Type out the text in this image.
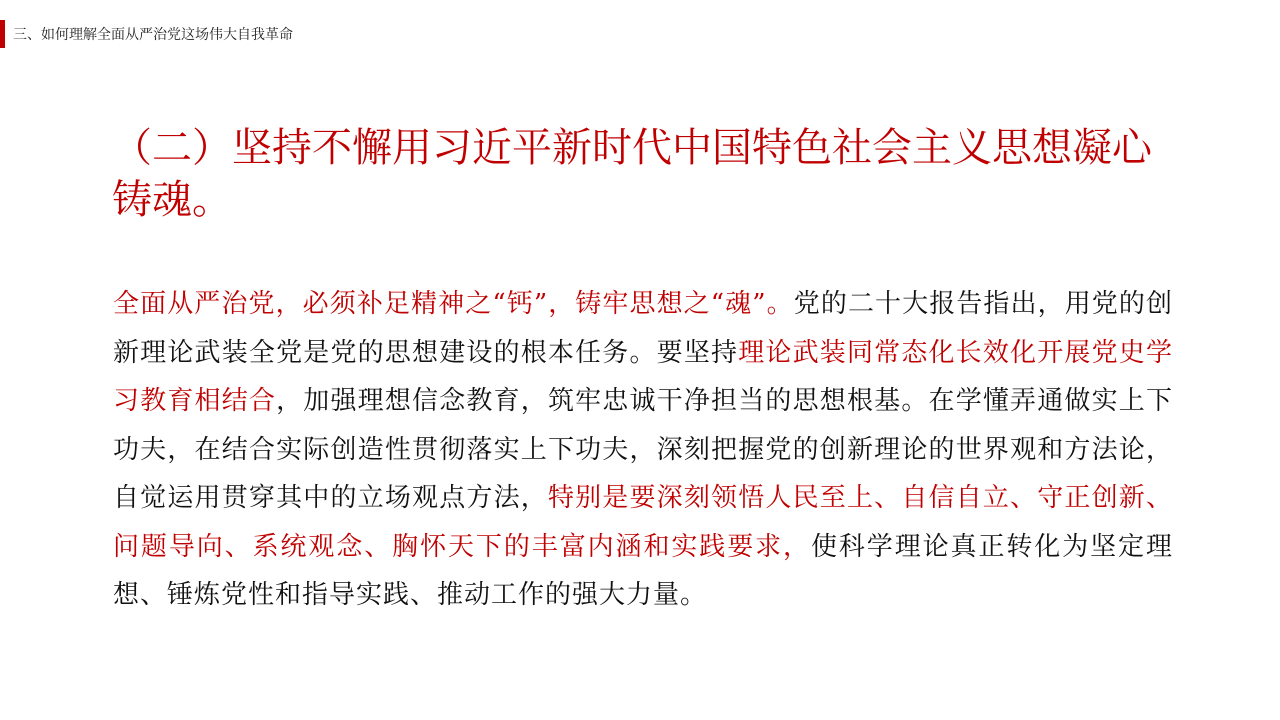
三、如何理解全面从严治党这场伟大自我革命
（二）坚持不懈用习近平新时代中国特色社会主义思想凝心铸魂。
全面从严治党，必须补足精神之“钙”，铸牢思想之“魂”。党的二十大报告指出，用党的创新理论武装全党是党的思想建设的根本任务。要坚持理论武装同常态化长效化开展党史学习教育相结合，加强理想信念教育，筑牢忠诚干净担当的思想根基。在学懂弄通做实上下功夫，在结合实际创造性贯彻落实上下功夫，深刻把握党的创新理论的世界观和方法论，自觉运用贯穿其中的立场观点方法，特别是要深刻领悟人民至上、自信自立、守正创新、问题导向、系统观念、胸怀天下的丰富内涵和实践要求，使科学理论真正转化为坚定理想、锤炼党性和指导实践、推动工作的强大力量。
